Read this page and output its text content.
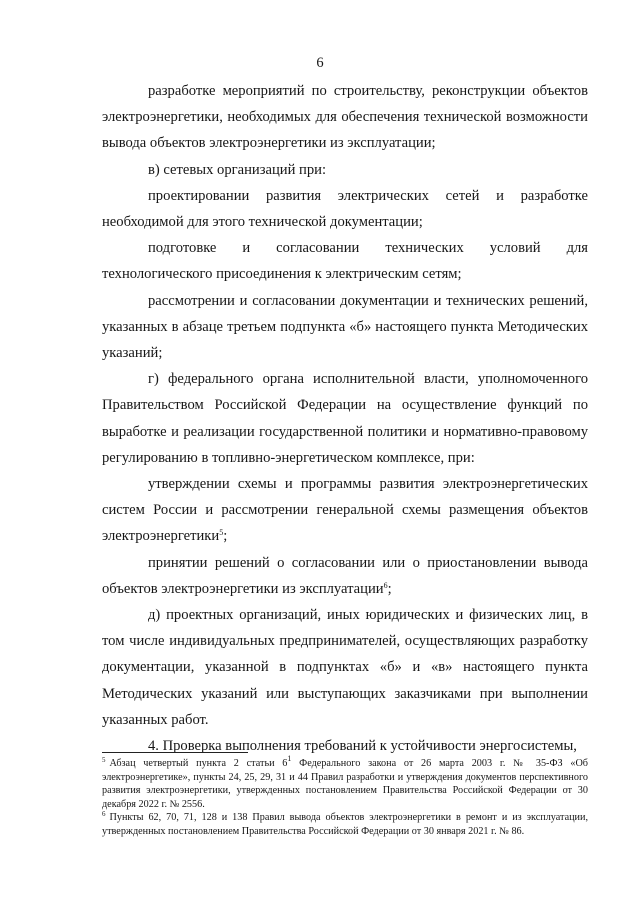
6

разработке мероприятий по строительству, реконструкции объектов электроэнергетики, необходимых для обеспечения технической возможности вывода объектов электроэнергетики из эксплуатации;

в) сетевых организаций при:

проектировании развития электрических сетей и разработке необходимой для этого технической документации;

подготовке и согласовании технических условий для технологического присоединения к электрическим сетям;

рассмотрении и согласовании документации и технических решений, указанных в абзаце третьем подпункта «б» настоящего пункта Методических указаний;

г) федерального органа исполнительной власти, уполномоченного Правительством Российской Федерации на осуществление функций по выработке и реализации государственной политики и нормативно-правовому регулированию в топливно-энергетическом комплексе, при:

утверждении схемы и программы развития электроэнергетических систем России и рассмотрении генеральной схемы размещения объектов электроэнергетики$^5$;

принятии решений о согласовании или о приостановлении вывода объектов электроэнергетики из эксплуатации$^6$;

д) проектных организаций, иных юридических и физических лиц, в том числе индивидуальных предпринимателей, осуществляющих разработку документации, указанной в подпунктах «б» и «в» настоящего пункта Методических указаний или выступающих заказчиками при выполнении указанных работ.

4. Проверка выполнения требований к устойчивости энергосистемы,

$^5$ Абзац четвертый пункта 2 статьи $6^1$ Федерального закона от 26 марта 2003 г. № 35-ФЗ «Об электроэнергетике», пункты 24, 25, 29, 31 и 44 Правил разработки и утверждения документов перспективного развития электроэнергетики, утвержденных постановлением Правительства Российской Федерации от 30 декабря 2022 г. № 2556.

$^6$ Пункты 62, 70, 71, 128 и 138 Правил вывода объектов электроэнергетики в ремонт и из эксплуатации, утвержденных постановлением Правительства Российской Федерации от 30 января 2021 г. № 86.
